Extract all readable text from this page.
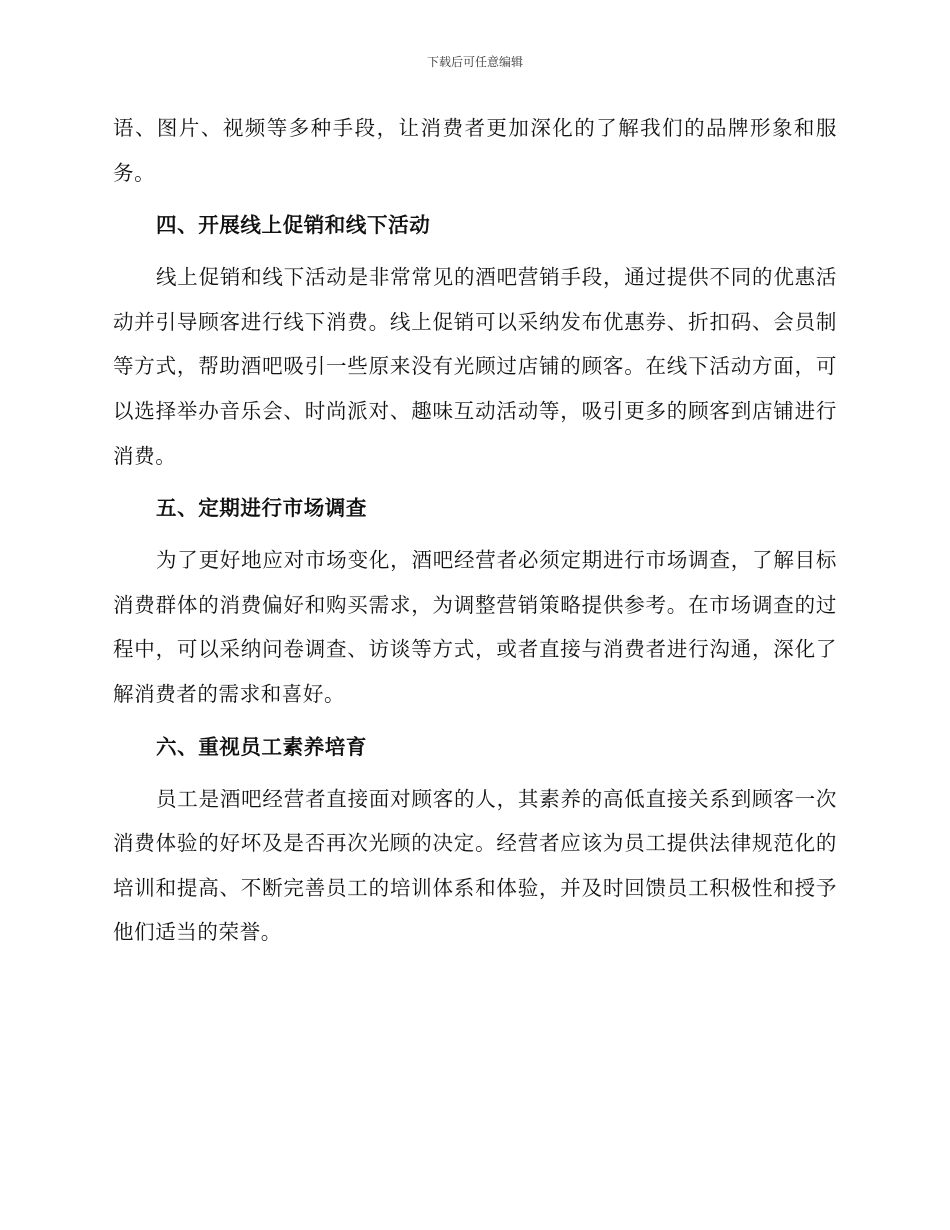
下载后可任意编辑

语、图片、视频等多种手段，让消费者更加深化的了解我们的品牌形象和服务。

四、开展线上促销和线下活动

线上促销和线下活动是非常常见的酒吧营销手段，通过提供不同的优惠活动并引导顾客进行线下消费。线上促销可以采纳发布优惠券、折扣码、会员制等方式，帮助酒吧吸引一些原来没有光顾过店铺的顾客。在线下活动方面，可以选择举办音乐会、时尚派对、趣味互动活动等，吸引更多的顾客到店铺进行消费。

五、定期进行市场调查

为了更好地应对市场变化，酒吧经营者必须定期进行市场调查，了解目标消费群体的消费偏好和购买需求，为调整营销策略提供参考。在市场调查的过程中，可以采纳问卷调查、访谈等方式，或者直接与消费者进行沟通，深化了解消费者的需求和喜好。

六、重视员工素养培育

员工是酒吧经营者直接面对顾客的人，其素养的高低直接关系到顾客一次消费体验的好坏及是否再次光顾的决定。经营者应该为员工提供法律规范化的培训和提高、不断完善员工的培训体系和体验，并及时回馈员工积极性和授予他们适当的荣誉。
